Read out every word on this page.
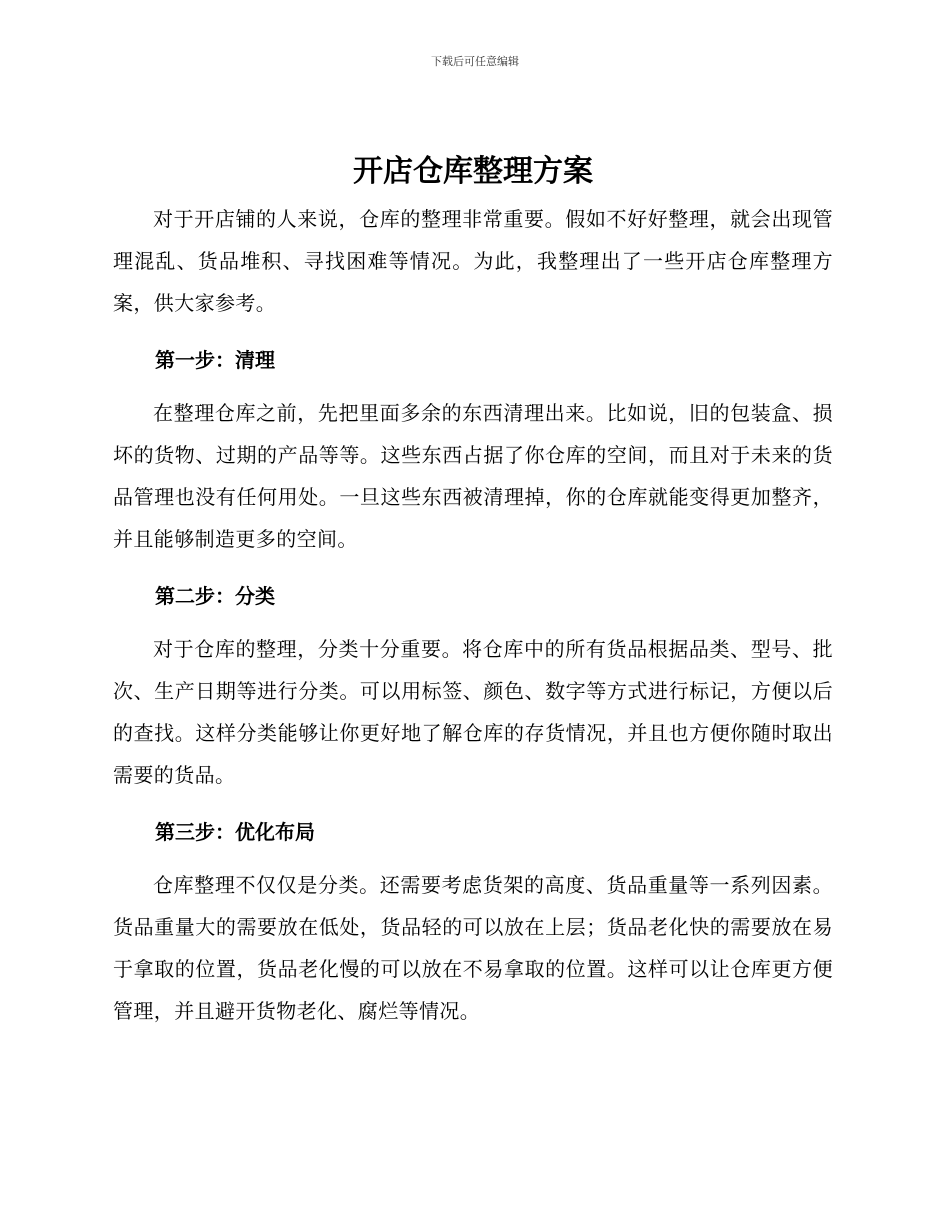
下载后可任意编辑
开店仓库整理方案

对于开店铺的人来说，仓库的整理非常重要。假如不好好整理，就会出现管理混乱、货品堆积、寻找困难等情况。为此，我整理出了一些开店仓库整理方案，供大家参考。

第一步：清理

在整理仓库之前，先把里面多余的东西清理出来。比如说，旧的包装盒、损坏的货物、过期的产品等等。这些东西占据了你仓库的空间，而且对于未来的货品管理也没有任何用处。一旦这些东西被清理掉，你的仓库就能变得更加整齐，并且能够制造更多的空间。

第二步：分类

对于仓库的整理，分类十分重要。将仓库中的所有货品根据品类、型号、批次、生产日期等进行分类。可以用标签、颜色、数字等方式进行标记，方便以后的查找。这样分类能够让你更好地了解仓库的存货情况，并且也方便你随时取出需要的货品。

第三步：优化布局

仓库整理不仅仅是分类。还需要考虑货架的高度、货品重量等一系列因素。货品重量大的需要放在低处，货品轻的可以放在上层；货品老化快的需要放在易于拿取的位置，货品老化慢的可以放在不易拿取的位置。这样可以让仓库更方便管理，并且避开货物老化、腐烂等情况。
